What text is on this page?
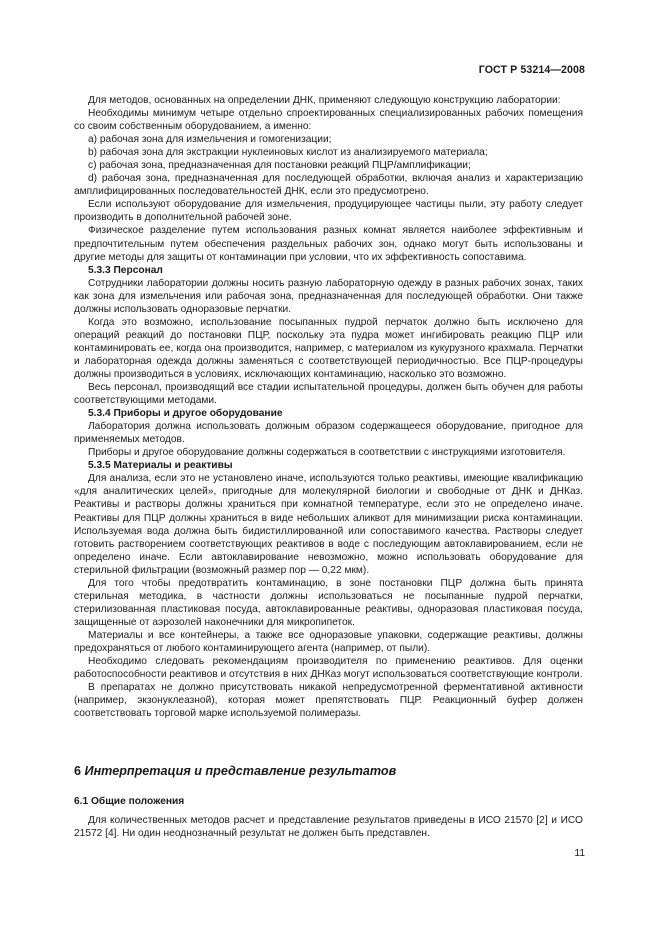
ГОСТ Р 53214—2008

Для методов, основанных на определении ДНК, применяют следующую конструкцию лаборатории:

Необходимы минимум четыре отдельно спроектированных специализированных рабочих помещения со своим собственным оборудованием, а именно:

a) рабочая зона для измельчения и гомогенизации;

b) рабочая зона для экстракции нуклеиновых кислот из анализируемого материала;

c) рабочая зона, предназначенная для постановки реакций ПЦР/амплификации;

d) рабочая зона, предназначенная для последующей обработки, включая анализ и характеризацию амплифицированных последовательностей ДНК, если это предусмотрено.

Если используют оборудование для измельчения, продуцирующее частицы пыли, эту работу следует производить в дополнительной рабочей зоне.

Физическое разделение путем использования разных комнат является наиболее эффективным и предпочтительным путем обеспечения раздельных рабочих зон, однако могут быть использованы и другие методы для защиты от контаминации при условии, что их эффективность сопоставима.

5.3.3 Персонал

Сотрудники лаборатории должны носить разную лабораторную одежду в разных рабочих зонах, таких как зона для измельчения или рабочая зона, предназначенная для последующей обработки. Они также должны использовать одноразовые перчатки.

Когда это возможно, использование посыпанных пудрой перчаток должно быть исключено для операций реакций до постановки ПЦР, поскольку эта пудра может ингибировать реакцию ПЦР или контаминировать ее, когда она производится, например, с материалом из кукурузного крахмала. Перчатки и лабораторная одежда должны заменяться с соответствующей периодичностью. Все ПЦР-процедуры должны производиться в условиях, исключающих контаминацию, насколько это возможно.

Весь персонал, производящий все стадии испытательной процедуры, должен быть обучен для работы соответствующими методами.

5.3.4 Приборы и другое оборудование

Лаборатория должна использовать должным образом содержащееся оборудование, пригодное для применяемых методов.

Приборы и другое оборудование должны содержаться в соответствии с инструкциями изготовителя.

5.3.5 Материалы и реактивы

Для анализа, если это не установлено иначе, используются только реактивы, имеющие квалификацию «для аналитических целей», пригодные для молекулярной биологии и свободные от ДНК и ДНКаз. Реактивы и растворы должны храниться при комнатной температуре, если это не определено иначе. Реактивы для ПЦР должны храниться в виде небольших аликвот для минимизации риска контаминации. Используемая вода должна быть бидистиллированной или сопоставимого качества. Растворы следует готовить растворением соответствующих реактивов в воде с последующим автоклавированием, если не определено иначе. Если автоклавирование невозможно, можно использовать оборудование для стерильной фильтрации (возможный размер пор — 0,22 мкм).

Для того чтобы предотвратить контаминацию, в зоне постановки ПЦР должна быть принята стерильная методика, в частности должны использоваться не посыпанные пудрой перчатки, стерилизованная пластиковая посуда, автоклавированные реактивы, одноразовая пластиковая посуда, защищенные от аэрозолей наконечники для микропипеток.

Материалы и все контейнеры, а также все одноразовые упаковки, содержащие реактивы, должны предохраняться от любого контаминирующего агента (например, от пыли).

Необходимо следовать рекомендациям производителя по применению реактивов. Для оценки работоспособности реактивов и отсутствия в них ДНКаз могут использоваться соответствующие контроли.

В препаратах не должно присутствовать никакой непредусмотренной ферментативной активности (например, экзонуклеазной), которая может препятствовать ПЦР. Реакционный буфер должен соответствовать торговой марке используемой полимеразы.

6 Интерпретация и представление результатов
6.1 Общие положения

Для количественных методов расчет и представление результатов приведены в ИСО 21570 [2] и ИСО 21572 [4]. Ни один неоднозначный результат не должен быть представлен.

11
